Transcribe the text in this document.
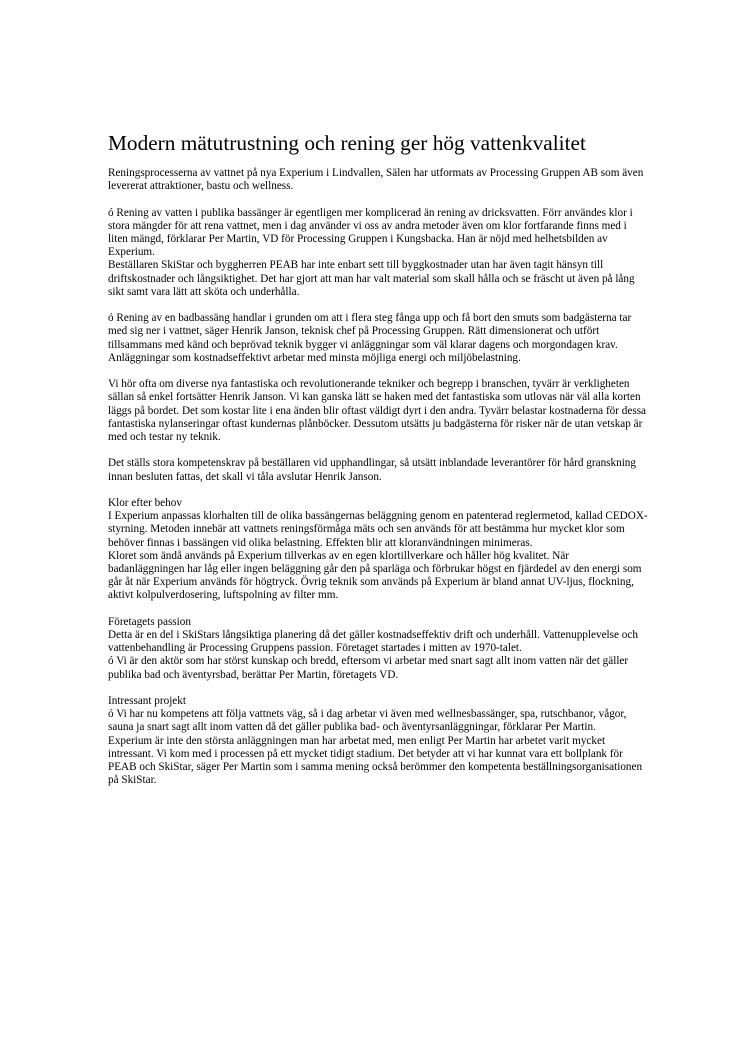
Modern mätutrustning och rening ger hög vattenkvalitet

Reningsprocesserna av vattnet på nya Experium i Lindvallen, Sälen har utformats av Processing Gruppen AB som även levererat attraktioner, bastu och wellness.

ó Rening av vatten i publika bassänger är egentligen mer komplicerad än rening av dricksvatten. Förr användes klor i stora mängder för att rena vattnet, men i dag använder vi oss av andra metoder även om klor fortfarande finns med i liten mängd, förklarar Per Martin, VD för Processing Gruppen i Kungsbacka. Han är nöjd med helhetsbilden av Experium.

Beställaren SkiStar och byggherren PEAB har inte enbart sett till byggkostnader utan har även tagit hänsyn till driftskostnader och långsiktighet. Det har gjort att man har valt material som skall hålla och se fräscht ut även på lång sikt samt vara lätt att sköta och underhålla.

ó Rening av en badbassäng handlar i grunden om att i flera steg fånga upp och få bort den smuts som badgästerna tar med sig ner i vattnet, säger Henrik Janson, teknisk chef på Processing Gruppen. Rätt dimensionerat och utfört tillsammans med känd och beprövad teknik bygger vi anläggningar som väl klarar dagens och morgondagen krav. Anläggningar som kostnadseffektivt arbetar med minsta möjliga energi och miljöbelastning.

Vi hör ofta om diverse nya fantastiska och revolutionerande tekniker och begrepp i branschen, tyvärr är verkligheten sällan så enkel fortsätter Henrik Janson. Vi kan ganska lätt se haken med det fantastiska som utlovas när väl alla korten läggs på bordet. Det som kostar lite i ena änden blir oftast väldigt dyrt i den andra. Tyvärr belastar kostnaderna för dessa fantastiska nylanseringar oftast kundernas plånböcker. Dessutom utsätts ju badgästerna för risker när de utan vetskap är med och testar ny teknik.

Det ställs stora kompetenskrav på beställaren vid upphandlingar, så utsätt inblandade leverantörer för hård granskning innan besluten fattas, det skall vi tåla avslutar Henrik Janson.

Klor efter behov

I Experium anpassas klorhalten till de olika bassängernas beläggning genom en patenterad reglermetod, kallad CEDOX-styrning. Metoden innebär att vattnets reningsförmåga mäts och sen används för att bestämma hur mycket klor som behöver finnas i bassängen vid olika belastning. Effekten blir att kloranvändningen minimeras.

Kloret som ändå används på Experium tillverkas av en egen klortillverkare och håller hög kvalitet. När badanläggningen har låg eller ingen beläggning går den på sparläga och förbrukar högst en fjärdedel av den energi som går åt när Experium används för högtryck. Övrig teknik som används på Experium är bland annat UV-ljus, flockning, aktivt kolpulverdosering, luftspolning av filter mm.

Företagets passion

Detta är en del i SkiStars långsiktiga planering då det gäller kostnadseffektiv drift och underhåll. Vattenupplevelse och vattenbehandling är Processing Gruppens passion. Företaget startades i mitten av 1970-talet.

ó Vi är den aktör som har störst kunskap och bredd, eftersom vi arbetar med snart sagt allt inom vatten när det gäller publika bad och äventyrsbad, berättar Per Martin, företagets VD.

Intressant projekt

ó Vi har nu kompetens att följa vattnets väg, så i dag arbetar vi även med wellnesbassänger, spa, rutschbanor, vågor, sauna ja snart sagt allt inom vatten då det gäller publika bad- och äventyrsanläggningar, förklarar Per Martin.

Experium är inte den största anläggningen man har arbetat med, men enligt Per Martin har arbetet varit mycket intressant. Vi kom med i processen på ett mycket tidigt stadium. Det betyder att vi har kunnat vara ett bollplank för PEAB och SkiStar, säger Per Martin som i samma mening också berömmer den kompetenta beställningsorganisationen på SkiStar.
